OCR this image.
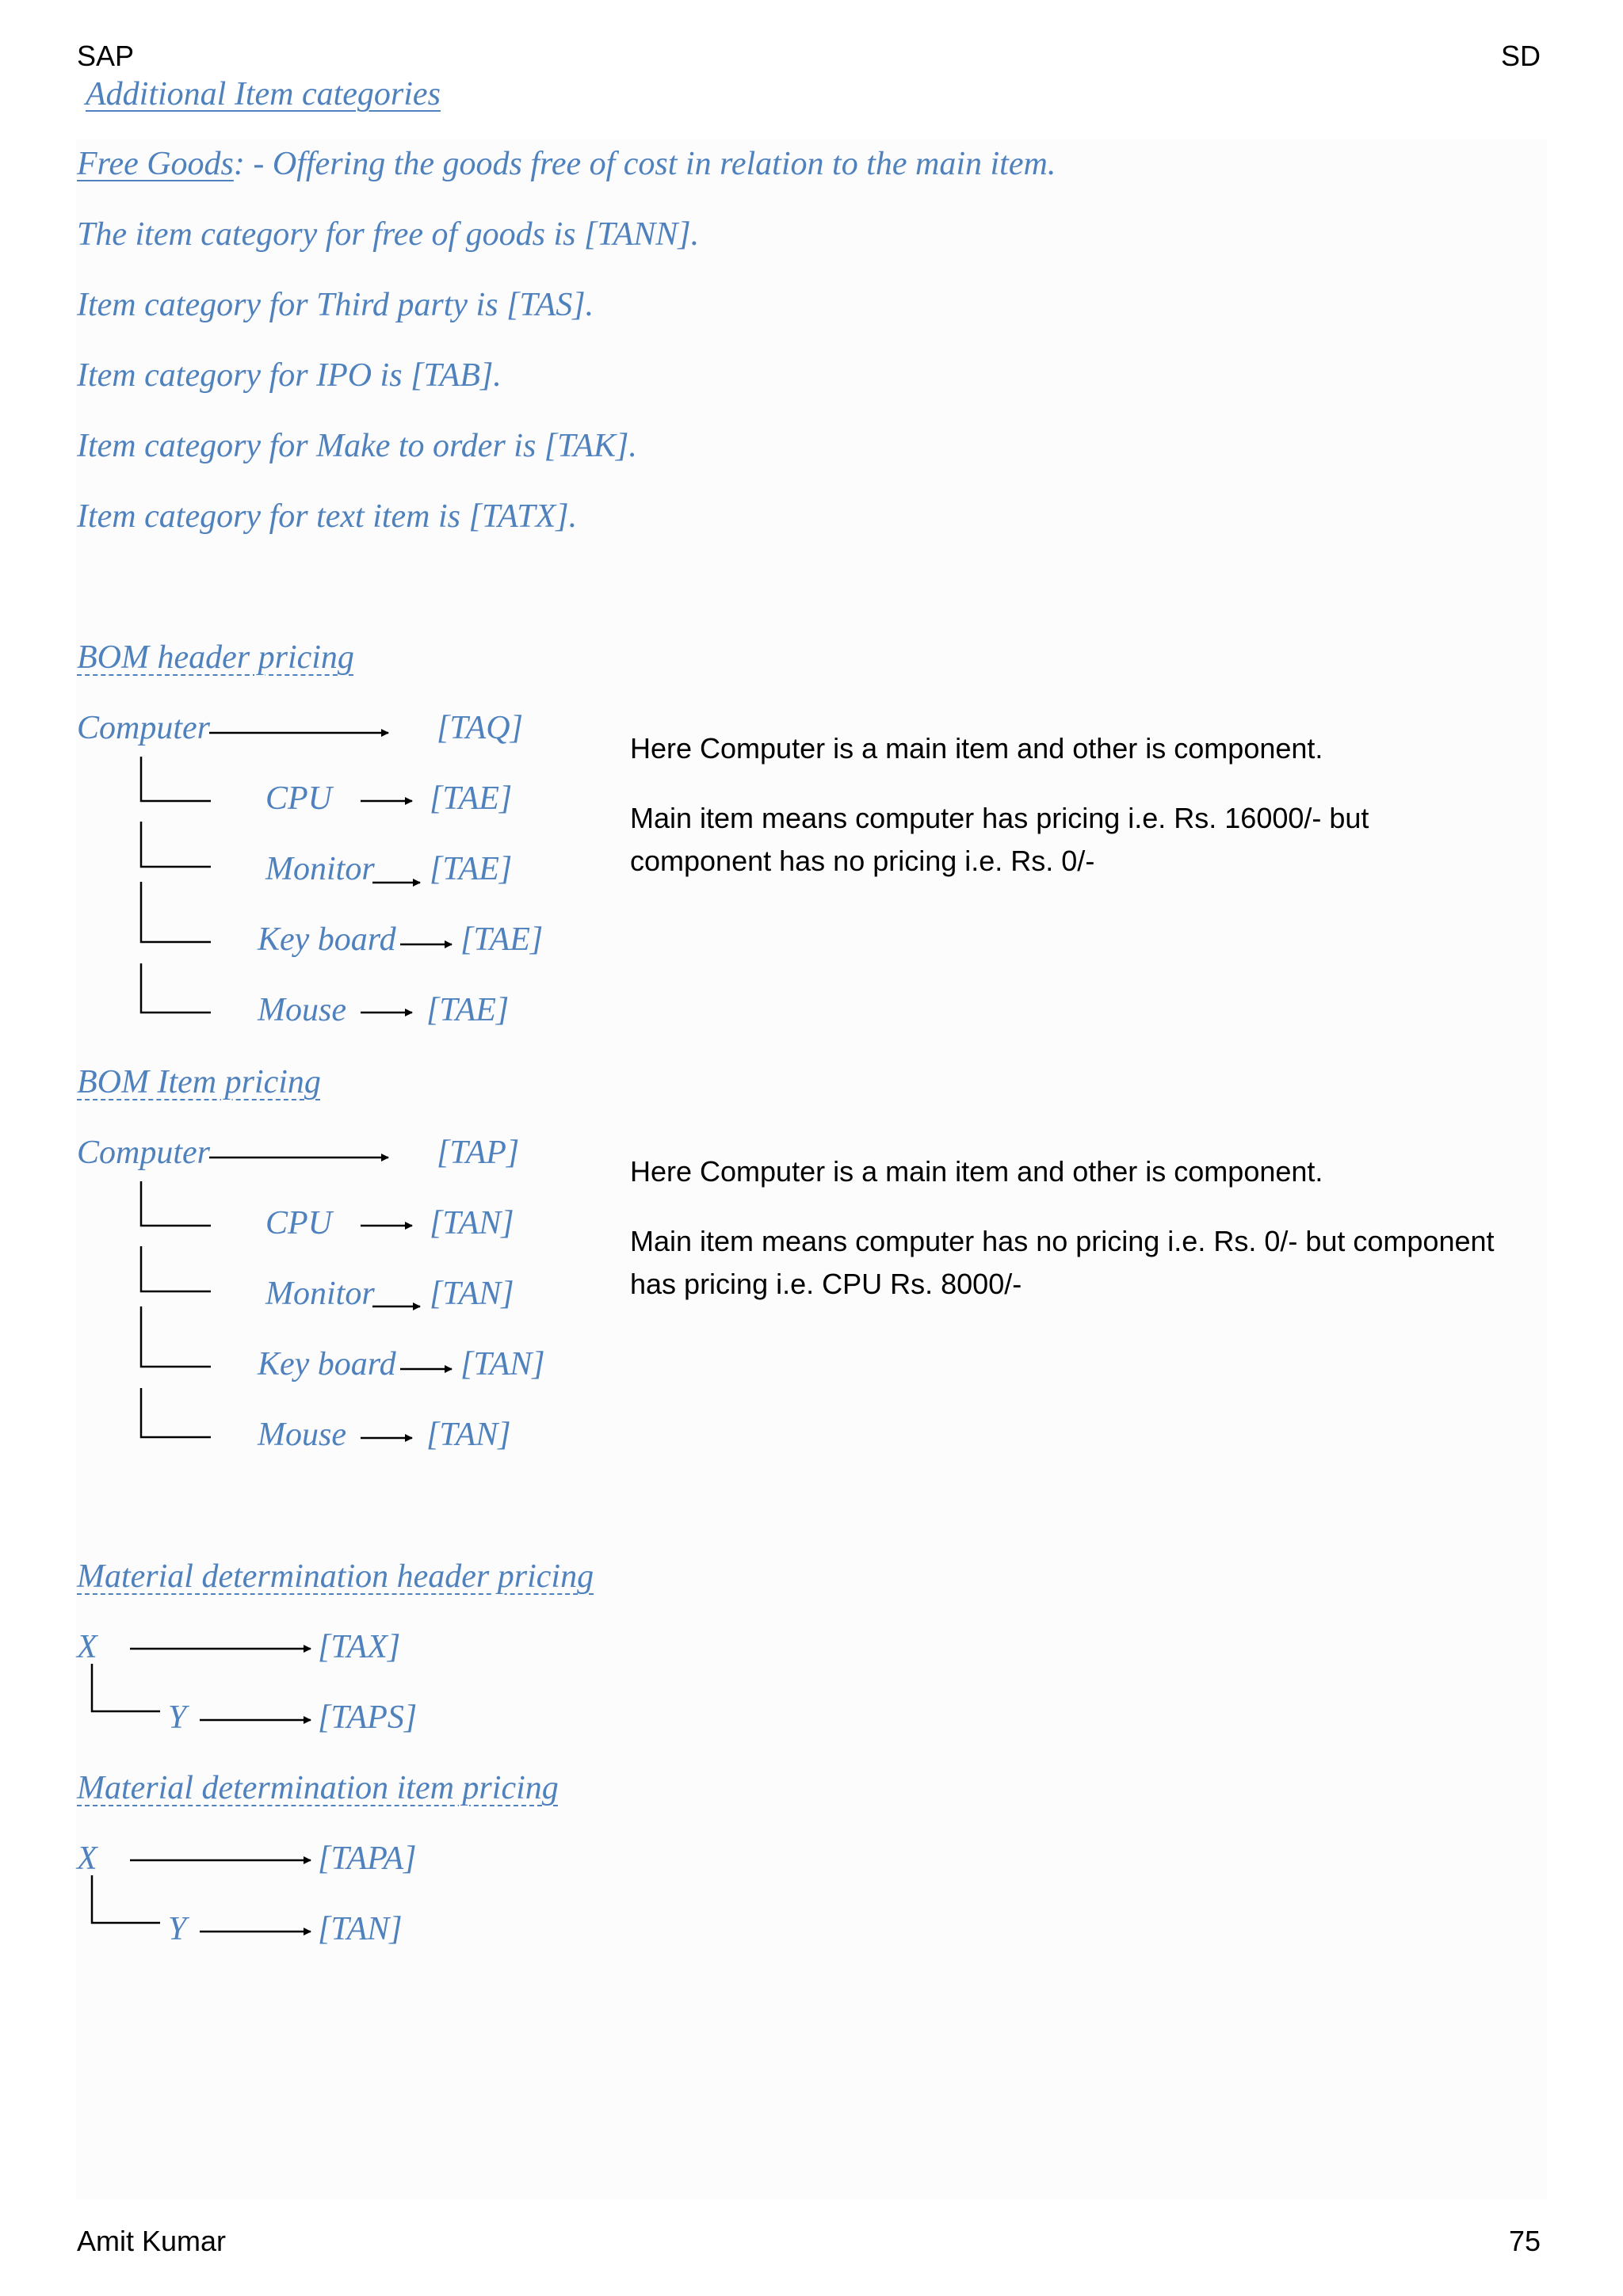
SAP	SD
Amit Kumar	75
Additional Item categories
Free Goods: - Offering the goods free of cost in relation to the main item.
The item category for free of goods is [TANN].
Item category for Third party is [TAS].
Item category for IPO is [TAB].
Item category for Make to order is [TAK].
Item category for text item is [TATX].
BOM header pricing
Computer	[TAQ]
CPU	[TAE]
Monitor [TAE]
Key board [TAE]
Mouse [TAE]
Here Computer is a main item and other is component.
Main item means computer has pricing i.e. Rs. 16000/- but component has no pricing i.e. Rs. 0/-
BOM Item pricing
Computer	[TAP]
CPU	[TAN]
Monitor [TAN]
Key board [TAN]
Mouse [TAN]
Here Computer is a main item and other is component.
Main item means computer has no pricing i.e. Rs. 0/- but component has pricing i.e. CPU Rs. 8000/-
Material determination header pricing
X	[TAX]
Y	[TAPS]
Material determination item pricing
X	[TAPA]
Y	[TAN]
